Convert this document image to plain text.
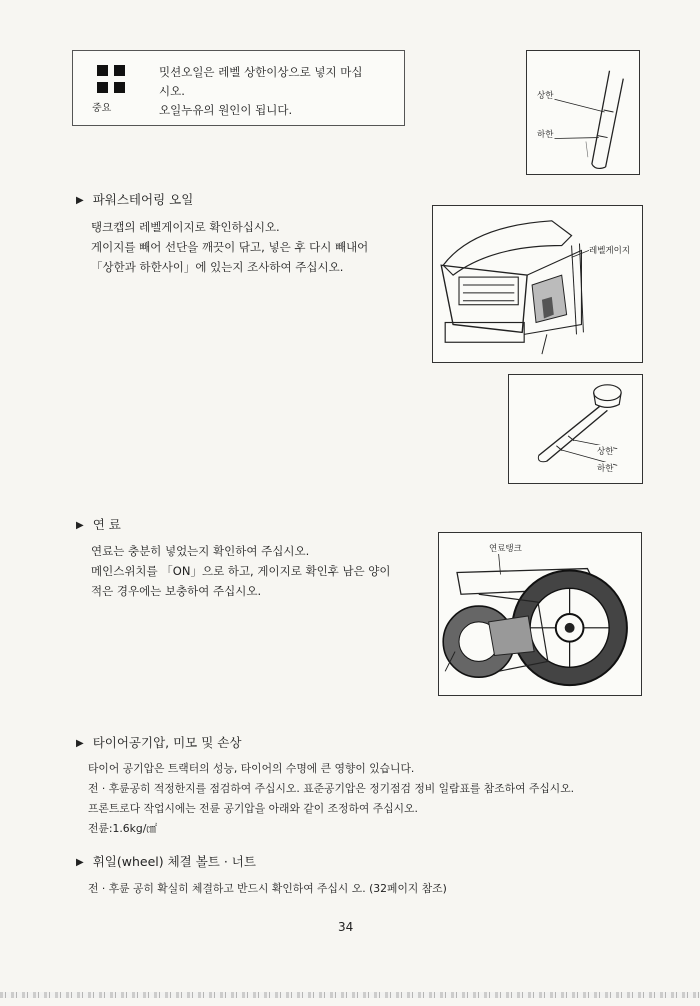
중요
밋션오일은 레벨 상한이상으로 넣지 마십
시오.
오일누유의 원인이 됩니다.
상한
하한
▶ 파워스테어링 오일
탱크캡의 레벨게이지로 확인하십시오.
게이지를 빼어 선단을 깨끗이 닦고, 넣은 후 다시 빼내어
「상한과 하한사이」에 있는지 조사하여 주십시오.
레벨게이지
상한
하한
▶ 연 료
연료는 충분히 넣었는지 확인하여 주십시오.
메인스위치를 「ON」으로 하고, 게이지로 확인후 남은 양이
적은 경우에는 보충하여 주십시오.
연료탱크
▶ 타이어공기압, 미모 및 손상
타이어 공기압은 트랙터의 성능, 타이어의 수명에 큰 영향이 있습니다.
전 · 후륜공히 적정한지를 점검하여 주십시오. 표준공기압은 정기점검 정비 일람표를 참조하여 주십시오.
프론트로다 작업시에는 전륜 공기압을 아래와 같이 조정하여 주십시오.
전륜:1.6kg/㎠
▶ 휘일(wheel) 체결 볼트 · 너트
전 · 후륜 공히 확실히 체결하고 반드시 확인하여 주십시 오. (32페이지 참조)
34
